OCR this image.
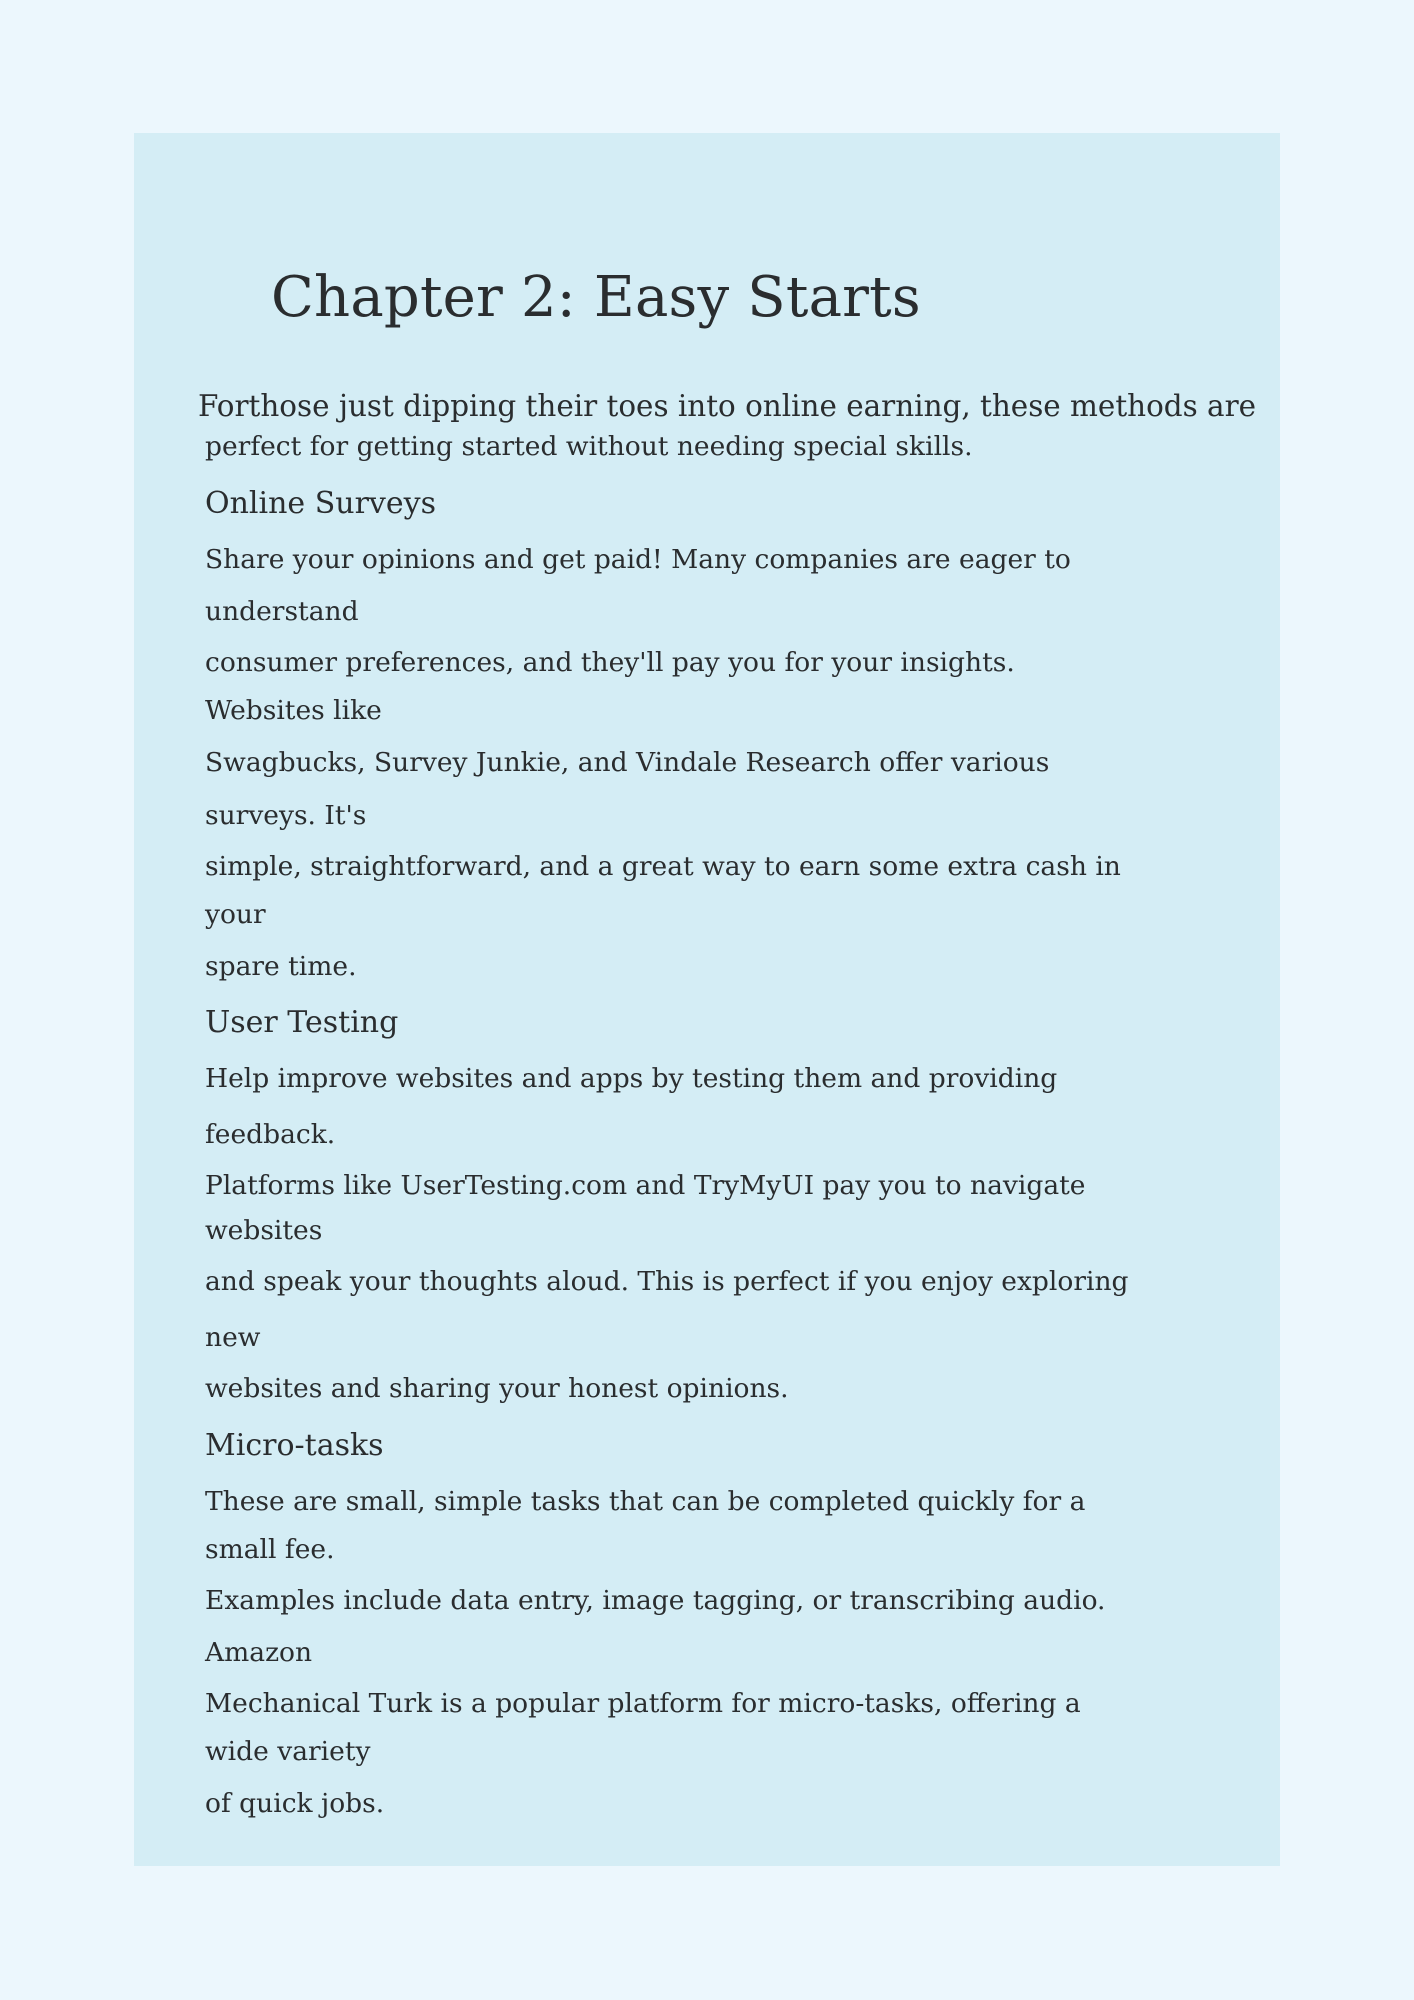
Chapter 2: Easy Starts

Forthose just dipping their toes into online earning, these methods are

perfect for getting started without needing special skills.

Online Surveys

Share your opinions and get paid! Many companies are eager to

understand

consumer preferences, and they'll pay you for your insights.

Websites like

Swagbucks, Survey Junkie, and Vindale Research offer various

surveys. It's

simple, straightforward, and a great way to earn some extra cash in

your

spare time.

User Testing

Help improve websites and apps by testing them and providing

feedback.

Platforms like UserTesting.com and TryMyUI pay you to navigate

websites

and speak your thoughts aloud. This is perfect if you enjoy exploring

new

websites and sharing your honest opinions.

Micro-tasks

These are small, simple tasks that can be completed quickly for a

small fee.

Examples include data entry, image tagging, or transcribing audio.

Amazon

Mechanical Turk is a popular platform for micro-tasks, offering a

wide variety

of quick jobs.
